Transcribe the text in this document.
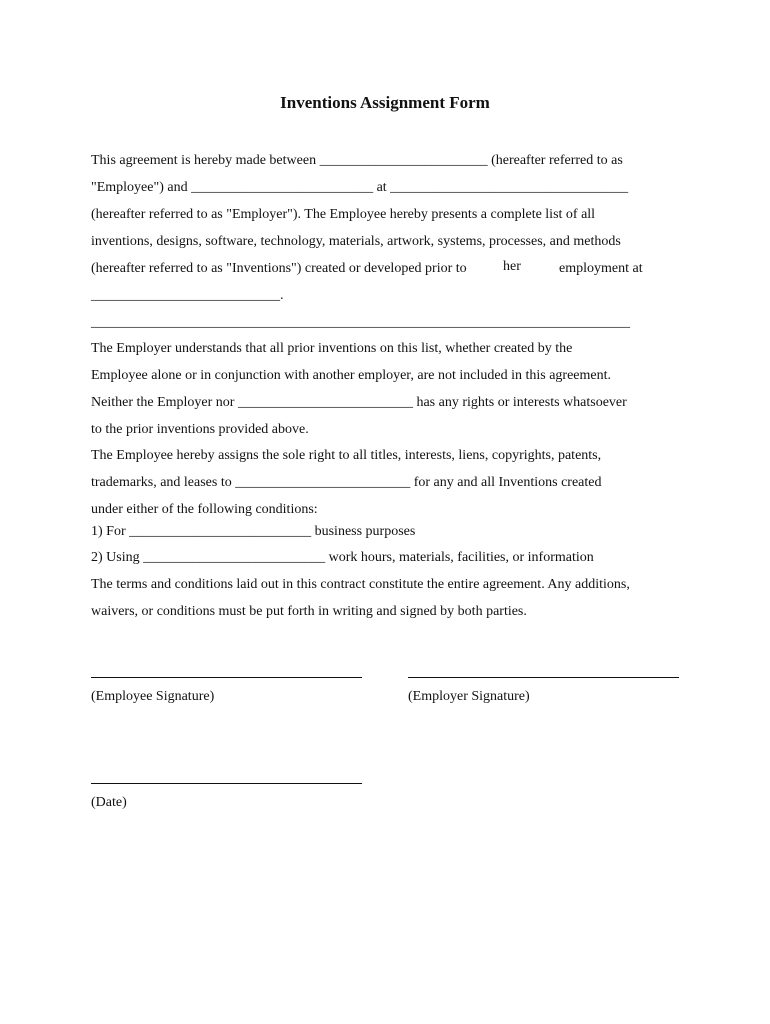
Inventions Assignment Form
This agreement is hereby made between ________________________ (hereafter referred to as
"Employee") and __________________________ at __________________________________
(hereafter referred to as "Employer"). The Employee hereby presents a complete list of all
inventions, designs, software, technology, materials, artwork, systems, processes, and methods
(hereafter referred to as "Inventions") created or developed prior to	her	employment at
___________________________.
_____________________________________________________________________________
The Employer understands that all prior inventions on this list, whether created by the
Employee alone or in conjunction with another employer, are not included in this agreement.
Neither the Employer nor _________________________ has any rights or interests whatsoever
to the prior inventions provided above.
The Employee hereby assigns the sole right to all titles, interests, liens, copyrights, patents,
trademarks, and leases to _________________________ for any and all Inventions created
under either of the following conditions:
1) For __________________________ business purposes
2) Using __________________________ work hours, materials, facilities, or information
The terms and conditions laid out in this contract constitute the entire agreement. Any additions,
waivers, or conditions must be put forth in writing and signed by both parties.
(Employee Signature)	(Employer Signature)
(Date)
